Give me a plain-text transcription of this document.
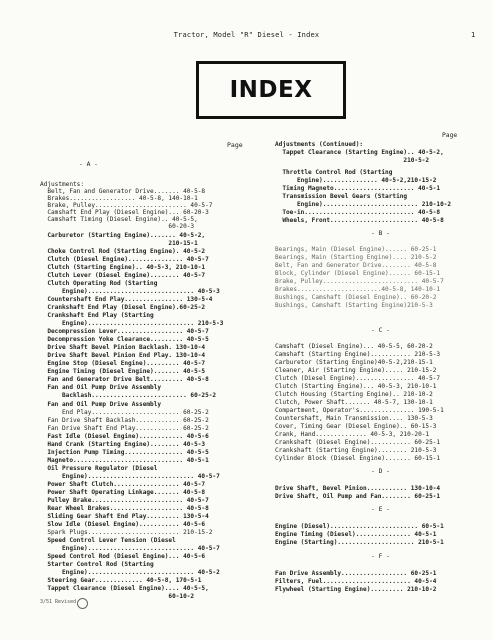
Tractor, Model "R" Diesel - Index	1
INDEX
Page
- A -
Adjustments:
Belt, Fan and Generator Drive....... 40-5-8
Brakes.................. 40-5-8, 140-10-1
Brake, Pulley......................... 40-5-7
Camshaft End Play (Diesel Engine)... 60-20-3
Camshaft Timing (Diesel Engine).. 40-5-5,
60-20-3
Carburetor (Starting Engine)....... 40-5-2,
210-15-1
Choke Control Rod (Starting Engine). 40-5-2
Clutch (Diesel Engine)............... 40-5-7
Clutch (Starting Engine).. 40-5-3, 210-10-1
Clutch Lever (Diesel Engine)........ 40-5-7
Clutch Operating Rod (Starting
Engine)............................. 40-5-3
Countershaft End Play................ 130-5-4
Crankshaft End Play (Diesel Engine).60-25-2
Crankshaft End Play (Starting
Engine)............................. 210-5-3
Decompression Lever.................. 40-5-7
Decompression Yoke Clearance......... 40-5-5
Drive Shaft Bevel Pinion Backlash. 130-10-4
Drive Shaft Bevel Pinion End Play. 130-10-4
Engine Stop (Diesel Engine)......... 40-5-7
Engine Timing (Diesel Engine)....... 40-5-5
Fan and Generator Drive Belt......... 40-5-8
Fan and Oil Pump Drive Assembly
Backlash.......................... 60-25-2
Fan and Oil Pump Drive Assembly
End Play........................ 60-25-2
Fan Drive Shaft Backlash............ 60-25-2
Fan Drive Shaft End Play............ 60-25-2
Fast Idle (Diesel Engine)............ 40-5-6
Hand Crank (Starting Engine)........ 40-5-3
Injection Pump Timing................ 40-5-5
Magneto.............................. 40-5-1
Oil Pressure Regulator (Diesel
Engine)............................. 40-5-7
Power Shaft Clutch.................. 40-5-7
Power Shaft Operating Linkage....... 40-5-8
Pulley Brake......................... 40-5-7
Rear Wheel Brakes.................... 40-5-8
Sliding Gear Shaft End Play......... 130-5-4
Slow Idle (Diesel Engine)........... 40-5-6
Spark Plugs......................... 210-15-2
Speed Control Lever Tension (Diesel
Engine)............................. 40-5-7
Speed Control Rod (Diesel Engine)... 40-5-6
Starter Control Rod (Starting
Engine)............................. 40-5-2
Steering Gear............. 40-5-8, 170-5-1
Tappet Clearance (Diesel Engine).... 40-5-5,
60-10-2
Page
Adjustments (Continued):
Tappet Clearance (Starting Engine).. 40-5-2,
210-5-2
Throttle Control Rod (Starting
Engine)............... 40-5-2,210-15-2
Timing Magneto...................... 40-5-1
Transmission Bevel Gears (Starting
Engine).......................... 210-10-2
Toe-in.............................. 40-5-8
Wheels, Front........................ 40-5-8
Bearings, Main (Diesel Engine)...... 60-25-1
Bearings, Main (Starting Engine).... 210-5-2
Belt, Fan and Generator Drive........ 40-5-8
Block, Cylinder (Diesel Engine)...... 60-15-1
Brake, Pulley.......................... 40-5-7
Brakes.......................40-5-8, 140-10-1
Bushings, Camshaft (Diesel Engine).. 60-20-2
Bushings, Camshaft (Starting Engine)210-5-3
Camshaft (Diesel Engine)... 40-5-5, 60-20-2
Camshaft (Starting Engine)........... 210-5-3
Carburetor (Starting Engine)40-5-2,210-15-1
Cleaner, Air (Starting Engine)..... 210-15-2
Clutch (Diesel Engine)................ 40-5-7
Clutch (Starting Engine)... 40-5-3, 210-10-1
Clutch Housing (Starting Engine).. 210-10-2
Clutch, Power Shaft....... 40-5-7, 130-10-1
Compartment, Operator's............... 190-5-1
Countershaft, Main Transmission.... 130-5-3
Cover, Timing Gear (Diesel Engine).. 60-15-3
Crank, Hand.............. 40-5-3, 210-20-1
Crankshaft (Diesel Engine)........... 60-25-1
Crankshaft (Starting Engine)........ 210-5-3
Cylinder Block (Diesel Engine)....... 60-15-1
Drive Shaft, Bevel Pinion........... 130-10-4
Drive Shaft, Oil Pump and Fan........ 60-25-1
Engine (Diesel)........................ 60-5-1
Engine Timing (Diesel)............... 40-5-1
Engine (Starting)..................... 210-5-1
Fan Drive Assembly.................. 60-25-1
Filters, Fuel........................ 40-5-4
Flywheel (Starting Engine)......... 210-10-2
- B -
- C -
- D -
- E -
- F -
3/51 Revised
